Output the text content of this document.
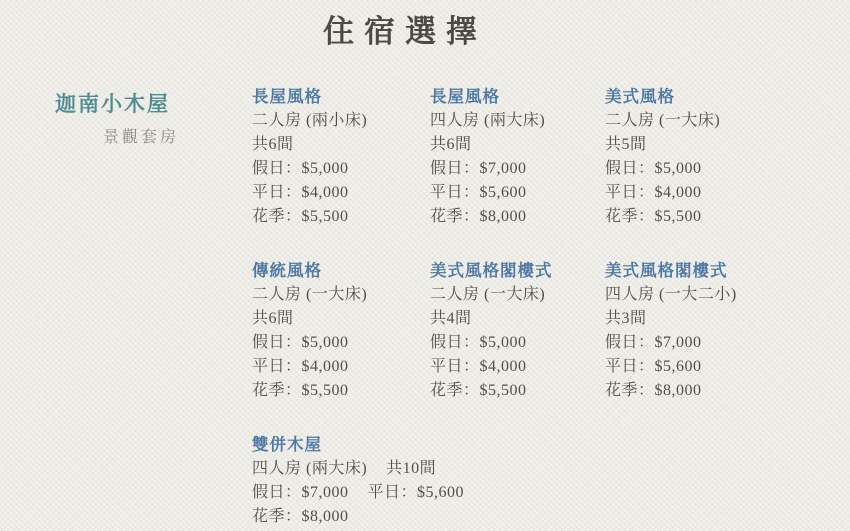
住宿選擇
迦南小木屋
景觀套房
長屋風格
二人房 (兩小床)
共6間
假日：$5,000
平日：$4,000
花季：$5,500
長屋風格
四人房 (兩大床)
共6間
假日：$7,000
平日：$5,600
花季：$8,000
美式風格
二人房 (一大床)
共5間
假日：$5,000
平日：$4,000
花季：$5,500
傳統風格
二人房 (一大床)
共6間
假日：$5,000
平日：$4,000
花季：$5,500
美式風格閣樓式
二人房 (一大床)
共4間
假日：$5,000
平日：$4,000
花季：$5,500
美式風格閣樓式
四人房 (一大二小)
共3間
假日：$7,000
平日：$5,600
花季：$8,000
雙併木屋
四人房 (兩大床) 共10間
假日：$7,000 平日：$5,600
花季：$8,000
